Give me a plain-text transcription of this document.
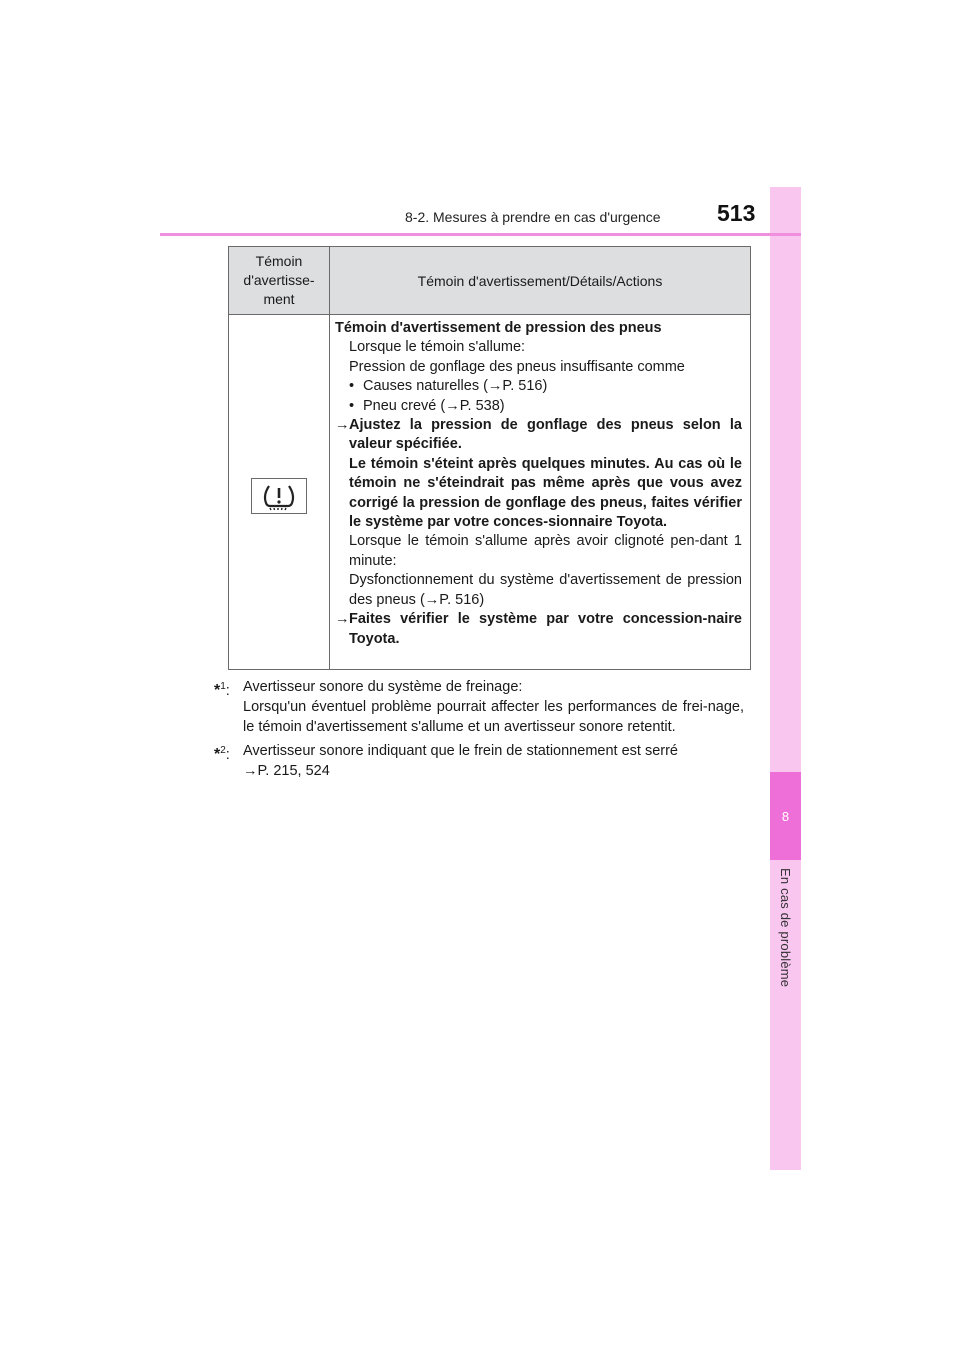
8
En cas de problème
8-2. Mesures à prendre en cas d'urgence 513
Témoin d'avertisse-ment
Témoin d'avertissement/Détails/Actions

Témoin d'avertissement de pression des pneus

Lorsque le témoin s'allume:

Pression de gonflage des pneus insuffisante comme

• Causes naturelles (→P. 516)

• Pneu crevé (→P. 538)

→ Ajustez la pression de gonflage des pneus selon la valeur spécifiée.

Le témoin s'éteint après quelques minutes. Au cas où le témoin ne s'éteindrait pas même après que vous avez corrigé la pression de gonflage des pneus, faites vérifier le système par votre conces-sionnaire Toyota.

Lorsque le témoin s'allume après avoir clignoté pen-dant 1 minute:

Dysfonctionnement du système d'avertissement de pression des pneus (→P. 516)

→ Faites vérifier le système par votre concession-naire Toyota.
*$^1$: Avertisseur sonore du système de freinage:
Lorsqu'un éventuel problème pourrait affecter les performances de frei-nage, le témoin d'avertissement s'allume et un avertisseur sonore retentit.
*$^2$: Avertisseur sonore indiquant que le frein de stationnement est serré
→P. 215, 524
